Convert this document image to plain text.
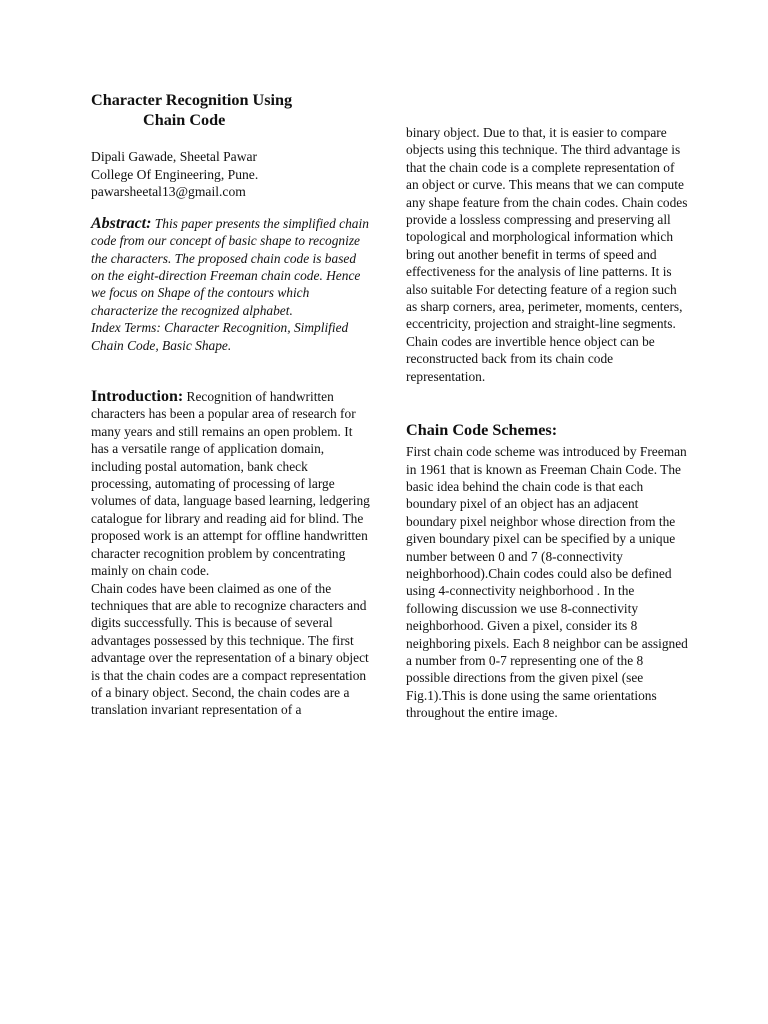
Character Recognition Using
Chain Code
Dipali Gawade, Sheetal Pawar
College Of Engineering, Pune.
pawarsheetal13@gmail.com
Abstract: This paper presents the simplified chain code from our concept of basic shape to recognize the characters. The proposed chain code is based on the eight-direction Freeman chain code. Hence we focus on Shape of the contours which characterize the recognized alphabet.
Index Terms: Character Recognition, Simplified Chain Code, Basic Shape.

Introduction: Recognition of handwritten characters has been a popular area of research for many years and still remains an open problem. It has a versatile range of application domain, including postal automation, bank check processing, automating of processing of large volumes of data, language based learning, ledgering catalogue for library and reading aid for blind. The proposed work is an attempt for offline handwritten character recognition problem by concentrating mainly on chain code.

Chain codes have been claimed as one of the techniques that are able to recognize characters and digits successfully. This is because of several advantages possessed by this technique. The first advantage over the representation of a binary object is that the chain codes are a compact representation of a binary object. Second, the chain codes are a translation invariant representation of a

binary object. Due to that, it is easier to compare objects using this technique. The third advantage is that the chain code is a complete representation of an object or curve. This means that we can compute any shape feature from the chain codes. Chain codes provide a lossless compressing and preserving all topological and morphological information which bring out another benefit in terms of speed and effectiveness for the analysis of line patterns. It is also suitable For detecting feature of a region such as sharp corners, area, perimeter, moments, centers, eccentricity, projection and straight-line segments. Chain codes are invertible hence object can be reconstructed back from its chain code representation.

Chain Code Schemes:

First chain code scheme was introduced by Freeman in 1961 that is known as Freeman Chain Code. The basic idea behind the chain code is that each boundary pixel of an object has an adjacent boundary pixel neighbor whose direction from the given boundary pixel can be specified by a unique number between 0 and 7 (8-connectivity neighborhood).Chain codes could also be defined using 4-connectivity neighborhood . In the following discussion we use 8-connectivity neighborhood. Given a pixel, consider its 8 neighboring pixels. Each 8 neighbor can be assigned a number from 0-7 representing one of the 8 possible directions from the given pixel (see Fig.1).This is done using the same orientations throughout the entire image.
